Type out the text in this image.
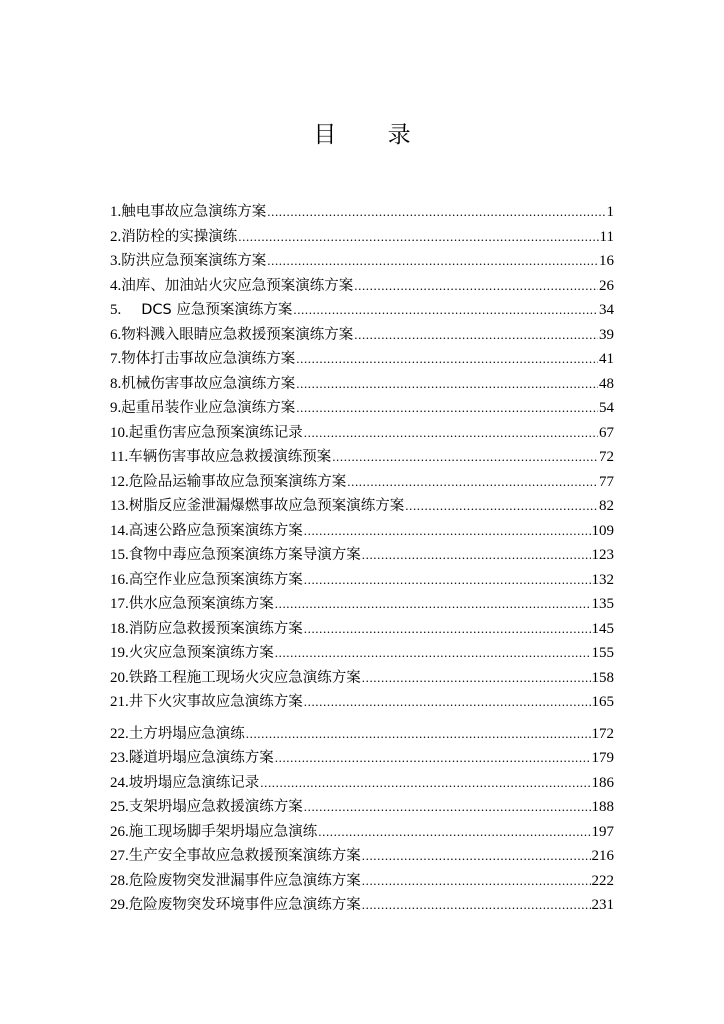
目 录
1. 触电事故应急演练方案 .....	1
2. 消防栓的实操演练 .....	11
3. 防洪应急预案演练方案 .....	16
4. 油库、加油站火灾应急预案演练方案 .....	26
5. DCS 应急预案演练方案 .....	34
6. 物料溅入眼睛应急救援预案演练方案 .....	39
7. 物体打击事故应急演练方案 .....	41
8. 机械伤害事故应急演练方案 .....	48
9. 起重吊装作业应急演练方案 .....	54
10. 起重伤害应急预案演练记录 .....	67
11. 车辆伤害事故应急救援演练预案 .....	72
12. 危险品运输事故应急预案演练方案 .....	77
13. 树脂反应釜泄漏爆燃事故应急预案演练方案 .....	82
14. 高速公路应急预案演练方案 .....	109
15. 食物中毒应急预案演练方案导演方案 .....	123
16. 高空作业应急预案演练方案 .....	132
17. 供水应急预案演练方案 .....	135
18. 消防应急救援预案演练方案 .....	145
19. 火灾应急预案演练方案 .....	155
20. 铁路工程施工现场火灾应急演练方案 .....	158
21. 井下火灾事故应急演练方案 .....	165
22. 土方坍塌应急演练 .....	172
23. 隧道坍塌应急演练方案 .....	179
24. 坡坍塌应急演练记录 .....	186
25. 支架坍塌应急救援演练方案 .....	188
26. 施工现场脚手架坍塌应急演练 .....	197
27. 生产安全事故应急救援预案演练方案 .....	216
28. 危险废物突发泄漏事件应急演练方案 .....	222
29. 危险废物突发环境事件应急演练方案 .....	231
